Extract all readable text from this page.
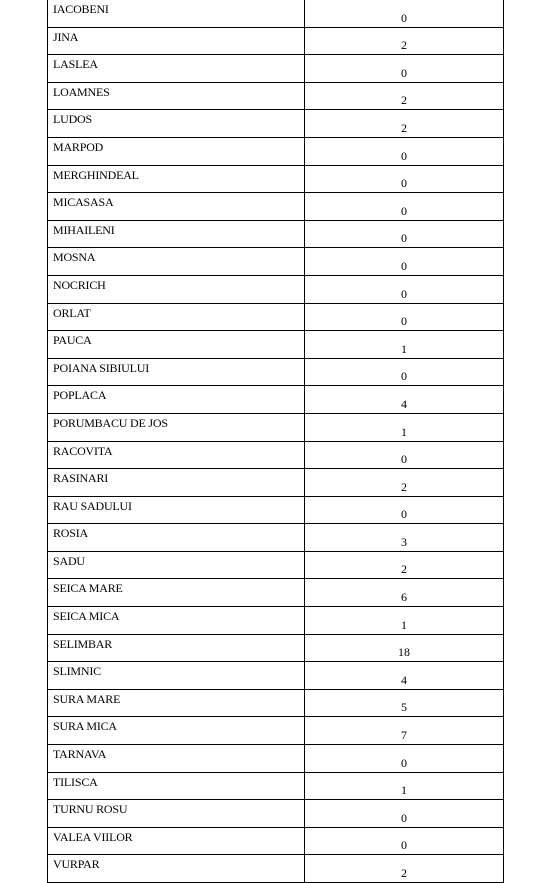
IACOBENI	0
JINA	2
LASLEA	0
LOAMNES	2
LUDOS	2
MARPOD	0
MERGHINDEAL	0
MICASASA	0
MIHAILENI	0
MOSNA	0
NOCRICH	0
ORLAT	0
PAUCA	1
POIANA SIBIULUI	0
POPLACA	4
PORUMBACU DE JOS	1
RACOVITA	0
RASINARI	2
RAU SADULUI	0
ROSIA	3
SADU	2
SEICA MARE	6
SEICA MICA	1
SELIMBAR	18
SLIMNIC	4
SURA MARE	5
SURA MICA	7
TARNAVA	0
TILISCA	1
TURNU ROSU	0
VALEA VIILOR	0
VURPAR	2
